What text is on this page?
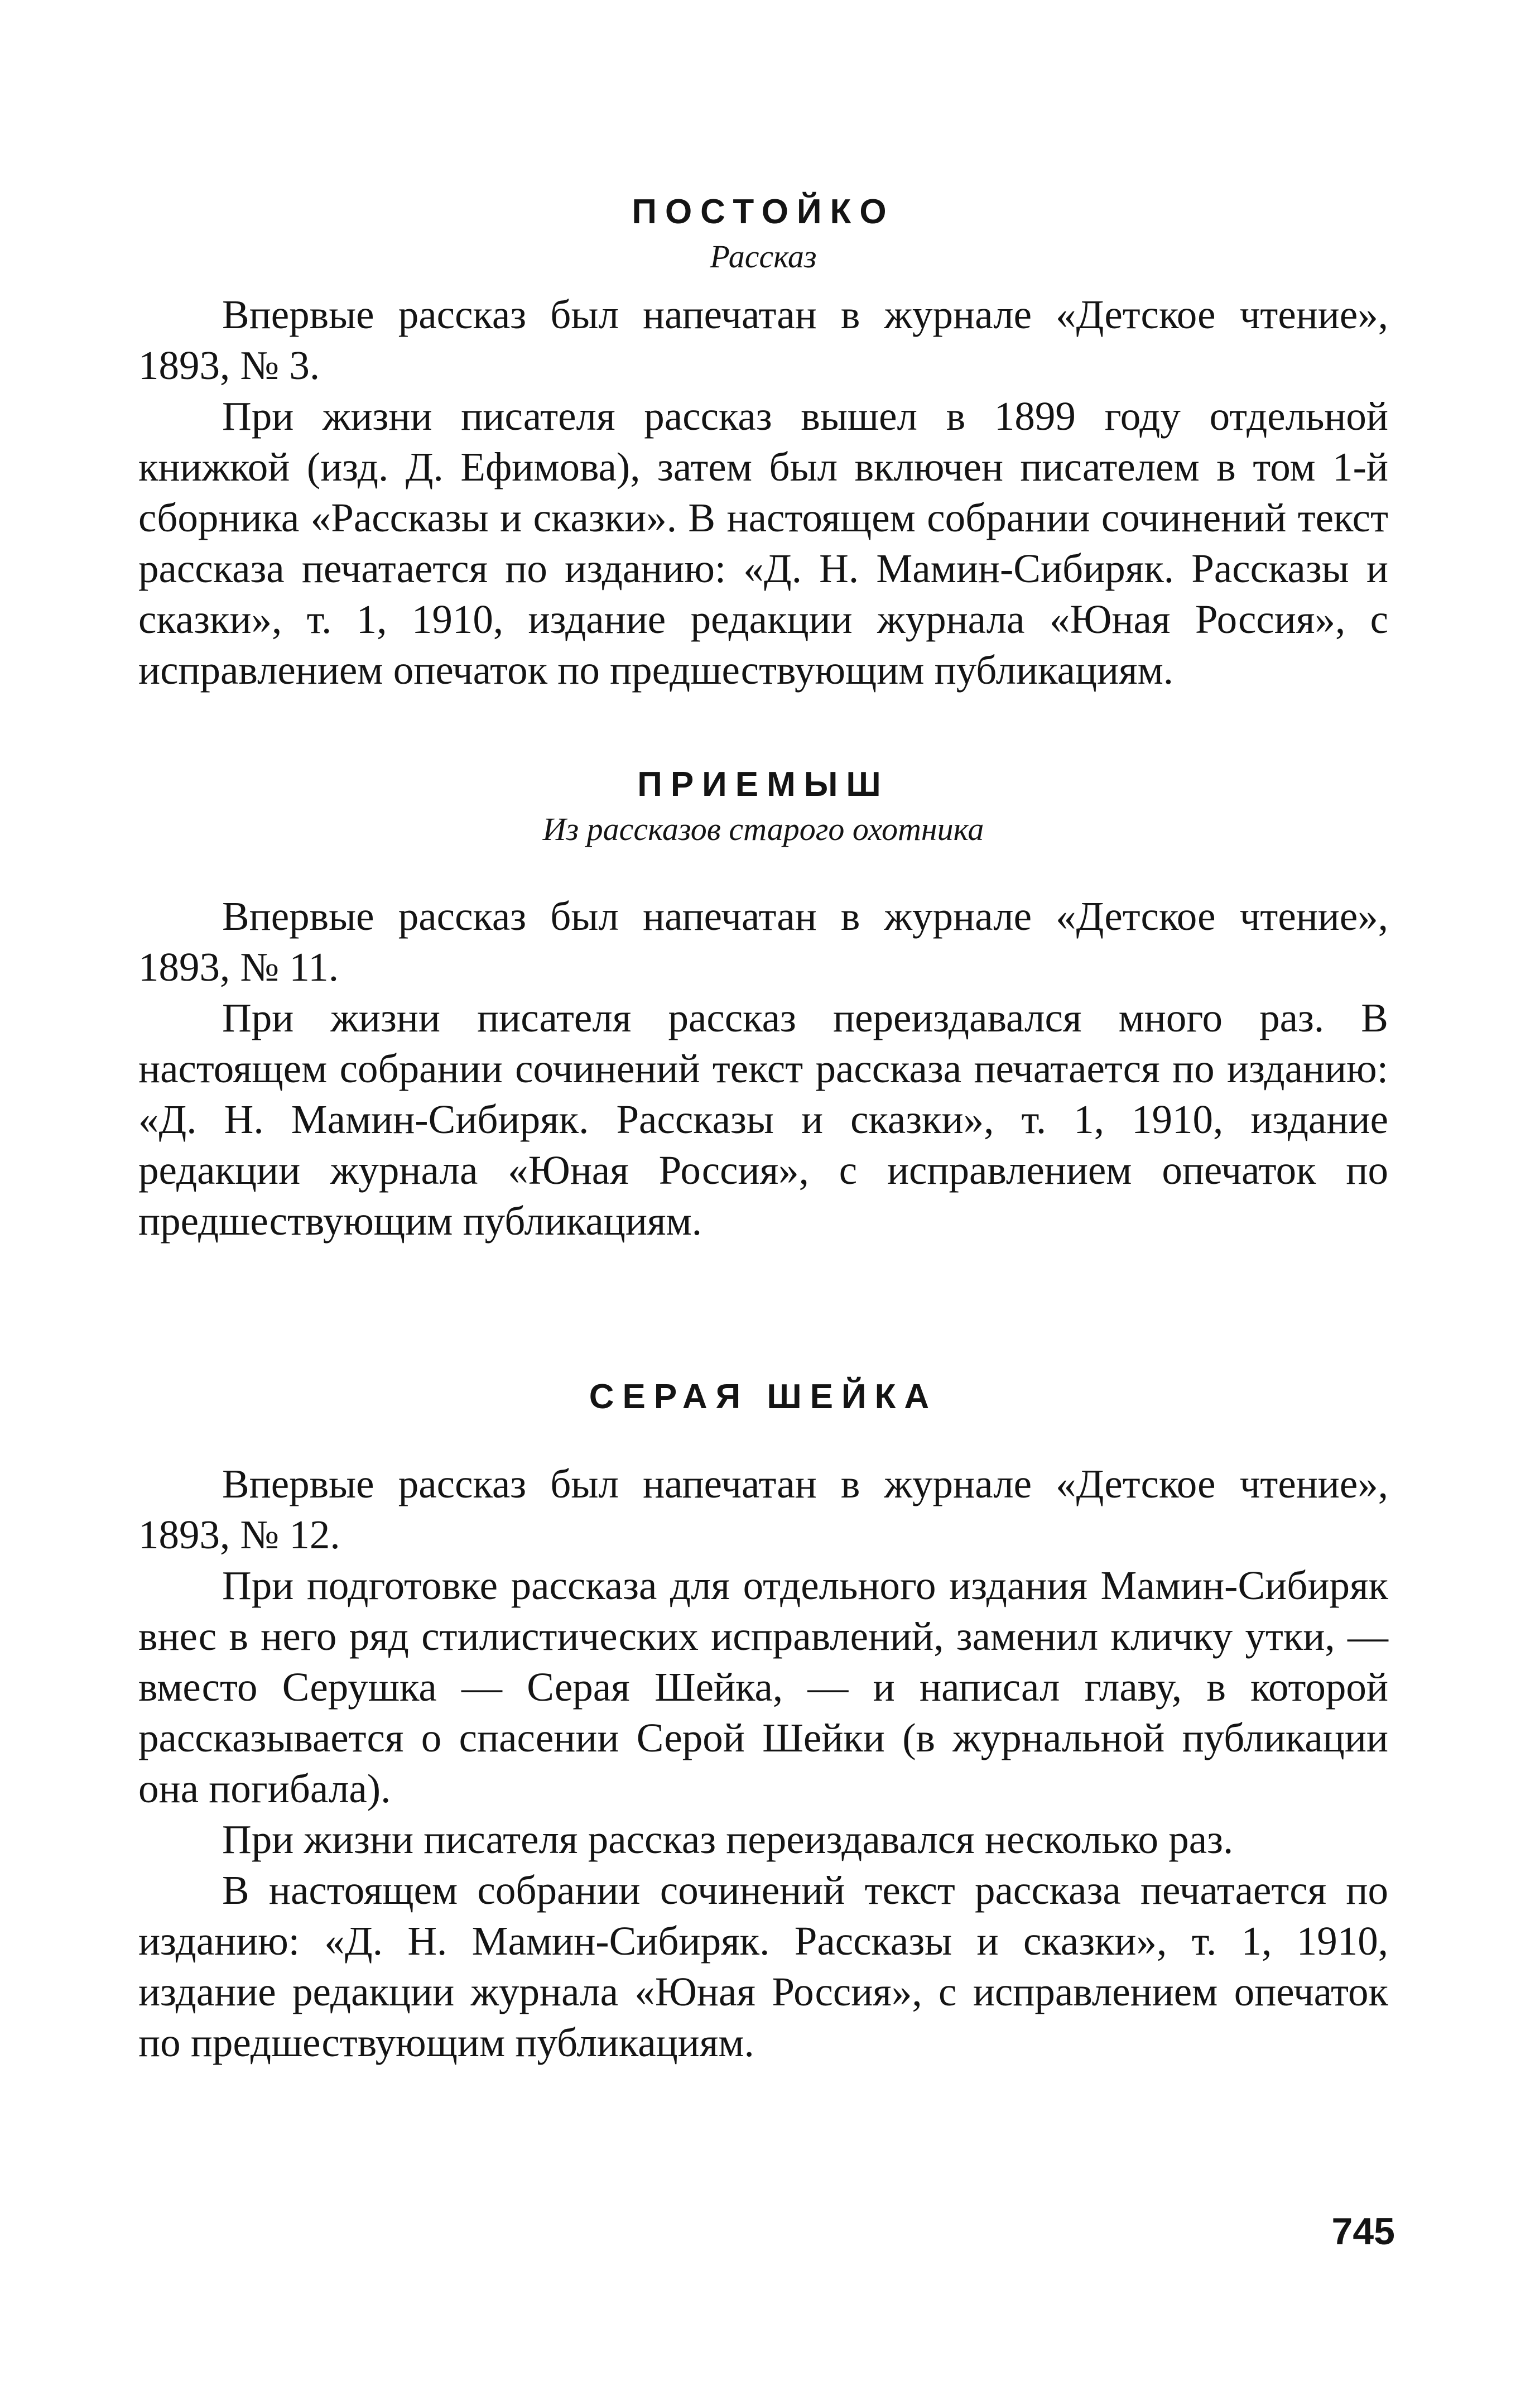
ПОСТОЙКО

Рассказ

Впервые рассказ был напечатан в журнале «Детское чтение», 1893, № 3.

При жизни писателя рассказ вышел в 1899 году отдельной книжкой (изд. Д. Ефимова), затем был включен писателем в том 1-й сборника «Рассказы и сказки». В настоящем собрании сочинений текст рассказа печатается по изданию: «Д. Н. Мамин-Сибиряк. Рассказы и сказки», т. 1, 1910, издание редакции журнала «Юная Россия», с исправлением опечаток по предшествующим публикациям.

ПРИЕМЫШ

Из рассказов старого охотника

Впервые рассказ был напечатан в журнале «Детское чтение», 1893, № 11.

При жизни писателя рассказ переиздавался много раз. В настоящем собрании сочинений текст рассказа печатается по изданию: «Д. Н. Мамин-Сибиряк. Рассказы и сказки», т. 1, 1910, издание редакции журнала «Юная Россия», с исправлением опечаток по предшествующим публикациям.

СЕРАЯ ШЕЙКА

Впервые рассказ был напечатан в журнале «Детское чтение», 1893, № 12.

При подготовке рассказа для отдельного издания Мамин-Сибиряк внес в него ряд стилистических исправлений, заменил кличку утки, — вместо Серушка — Серая Шейка, — и написал главу, в которой рассказывается о спасении Серой Шейки (в журнальной публикации она погибала).

При жизни писателя рассказ переиздавался несколько раз.

В настоящем собрании сочинений текст рассказа печатается по изданию: «Д. Н. Мамин-Сибиряк. Рассказы и сказки», т. 1, 1910, издание редакции журнала «Юная Россия», с исправлением опечаток по предшествующим публикациям.

745
